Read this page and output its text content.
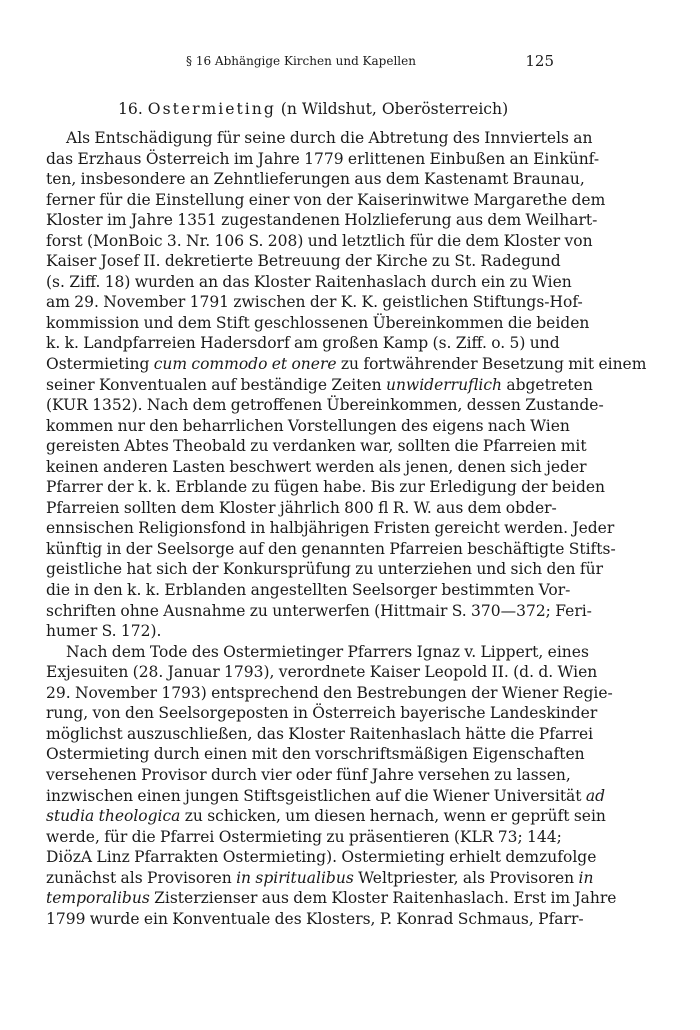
§ 16 Abhängige Kirchen und Kapellen	125
16. Ostermieting (n Wildshut, Oberösterreich)
Als Entschädigung für seine durch die Abtretung des Innviertels an
das Erzhaus Österreich im Jahre 1779 erlittenen Einbußen an Einkünf-
ten, insbesondere an Zehntlieferungen aus dem Kastenamt Braunau,
ferner für die Einstellung einer von der Kaiserinwitwe Margarethe dem
Kloster im Jahre 1351 zugestandenen Holzlieferung aus dem Weilhart-
forst (MonBoic 3. Nr. 106 S. 208) und letztlich für die dem Kloster von
Kaiser Josef II. dekretierte Betreuung der Kirche zu St. Radegund
(s. Ziff. 18) wurden an das Kloster Raitenhaslach durch ein zu Wien
am 29. November 1791 zwischen der K. K. geistlichen Stiftungs-Hof-
kommission und dem Stift geschlossenen Übereinkommen die beiden
k. k. Landpfarreien Hadersdorf am großen Kamp (s. Ziff. o. 5) und
Ostermieting cum commodo et onere zu fortwährender Besetzung mit einem
seiner Konventualen auf beständige Zeiten unwiderruflich abgetreten
(KUR 1352). Nach dem getroffenen Übereinkommen, dessen Zustande-
kommen nur den beharrlichen Vorstellungen des eigens nach Wien
gereisten Abtes Theobald zu verdanken war, sollten die Pfarreien mit
keinen anderen Lasten beschwert werden als jenen, denen sich jeder
Pfarrer der k. k. Erblande zu fügen habe. Bis zur Erledigung der beiden
Pfarreien sollten dem Kloster jährlich 800 fl R. W. aus dem obder-
ennsischen Religionsfond in halbjährigen Fristen gereicht werden. Jeder
künftig in der Seelsorge auf den genannten Pfarreien beschäftigte Stifts-
geistliche hat sich der Konkursprüfung zu unterziehen und sich den für
die in den k. k. Erblanden angestellten Seelsorger bestimmten Vor-
schriften ohne Ausnahme zu unterwerfen (Hittmair S. 370—372; Feri-
humer S. 172).
Nach dem Tode des Ostermietinger Pfarrers Ignaz v. Lippert, eines
Exjesuiten (28. Januar 1793), verordnete Kaiser Leopold II. (d. d. Wien
29. November 1793) entsprechend den Bestrebungen der Wiener Regie-
rung, von den Seelsorgeposten in Österreich bayerische Landeskinder
möglichst auszuschließen, das Kloster Raitenhaslach hätte die Pfarrei
Ostermieting durch einen mit den vorschriftsmäßigen Eigenschaften
versehenen Provisor durch vier oder fünf Jahre versehen zu lassen,
inzwischen einen jungen Stiftsgeistlichen auf die Wiener Universität ad
studia theologica zu schicken, um diesen hernach, wenn er geprüft sein
werde, für die Pfarrei Ostermieting zu präsentieren (KLR 73; 144;
DiözA Linz Pfarrakten Ostermieting). Ostermieting erhielt demzufolge
zunächst als Provisoren in spiritualibus Weltpriester, als Provisoren in
temporalibus Zisterzienser aus dem Kloster Raitenhaslach. Erst im Jahre
1799 wurde ein Konventuale des Klosters, P. Konrad Schmaus, Pfarr-
